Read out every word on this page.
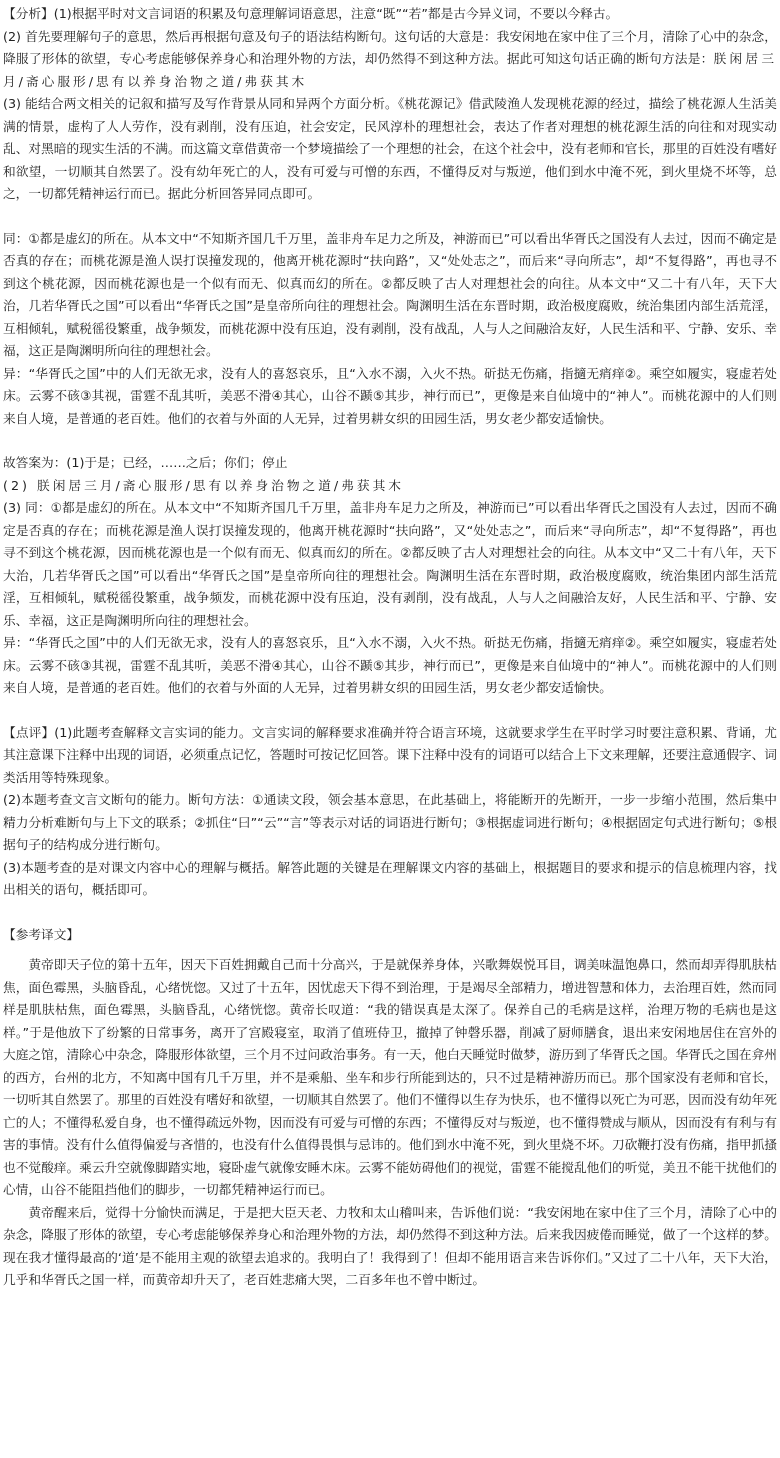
【分析】(1)根据平时对文言词语的积累及句意理解词语意思，注意“既”“若”都是古今异义词，不要以今释古。

(2) 首先要理解句子的意思，然后再根据句意及句子的语法结构断句。这句话的大意是：我安闲地在家中住了三个月，清除了心中的杂念，降服了形体的欲望，专心考虑能够保养身心和治理外物的方法，却仍然得不到这种方法。据此可知这句话正确的断句方法是：朕闲居三月/斋心服形/思有以养身治物之道/弗获其木

(3) 能结合两文相关的记叙和描写及写作背景从同和异两个方面分析。《桃花源记》借武陵渔人发现桃花源的经过，描绘了桃花源人生活美满的情景，虚构了人人劳作，没有剥削，没有压迫，社会安定，民风淳朴的理想社会，表达了作者对理想的桃花源生活的向往和对现实动乱、对黑暗的现实生活的不满。而这篇文章借黄帝一个梦境描绘了一个理想的社会，在这个社会中，没有老师和官长，那里的百姓没有嗜好和欲望，一切顺其自然罢了。没有幼年死亡的人，没有可爱与可憎的东西，不懂得反对与叛逆，他们到水中淹不死，到火里烧不坏等，总之，一切都凭精神运行而已。据此分析回答异同点即可。

同：①都是虚幻的所在。从本文中“不知斯齐国几千万里，盖非舟车足力之所及，神游而已”可以看出华胥氏之国没有人去过，因而不确定是否真的存在；而桃花源是渔人误打误撞发现的，他离开桃花源时“扶向路”，又“处处志之”，而后来“寻向所志”，却“不复得路”，再也寻不到这个桃花源，因而桃花源也是一个似有而无、似真而幻的所在。②都反映了古人对理想社会的向往。从本文中“又二十有八年，天下大治，几若华胥氏之国”可以看出“华胥氏之国”是皇帝所向往的理想社会。陶渊明生活在东晋时期，政治极度腐败，统治集团内部生活荒淫，互相倾轧，赋税徭役繁重，战争频发，而桃花源中没有压迫，没有剥削，没有战乱，人与人之间融洽友好，人民生活和平、宁静、安乐、幸福，这正是陶渊明所向往的理想社会。

异：“华胥氏之国”中的人们无欲无求，没有人的喜怒哀乐，且“入水不溺，入火不热。斫挞无伤痛，指擿无痟痒②。乘空如履实，寝虚若处床。云雾不硋③其视，雷霆不乱其听，美恶不滑④其心，山谷不踬⑤其步，神行而已”，更像是来自仙境中的“神人”。而桃花源中的人们则来自人境，是普通的老百姓。他们的衣着与外面的人无异，过着男耕女织的田园生活，男女老少都安适愉快。

故答案为：(1)于是；已经，……之后；你们；停止

(2) 朕闲居三月/斋心服形/思有以养身治物之道/弗获其木

(3) 同：①都是虚幻的所在。从本文中“不知斯齐国几千万里，盖非舟车足力之所及，神游而已”可以看出华胥氏之国没有人去过，因而不确定是否真的存在；而桃花源是渔人误打误撞发现的，他离开桃花源时“扶向路”，又“处处志之”，而后来“寻向所志”，却“不复得路”，再也寻不到这个桃花源，因而桃花源也是一个似有而无、似真而幻的所在。②都反映了古人对理想社会的向往。从本文中“又二十有八年，天下大治，几若华胥氏之国”可以看出“华胥氏之国”是皇帝所向往的理想社会。陶渊明生活在东晋时期，政治极度腐败，统治集团内部生活荒淫，互相倾轧，赋税徭役繁重，战争频发，而桃花源中没有压迫，没有剥削，没有战乱，人与人之间融洽友好，人民生活和平、宁静、安乐、幸福，这正是陶渊明所向往的理想社会。

异：“华胥氏之国”中的人们无欲无求，没有人的喜怒哀乐，且“入水不溺，入火不热。斫挞无伤痛，指擿无痟痒②。乘空如履实，寝虚若处床。云雾不硋③其视，雷霆不乱其听，美恶不滑④其心，山谷不踬⑤其步，神行而已”，更像是来自仙境中的“神人”。而桃花源中的人们则来自人境，是普通的老百姓。他们的衣着与外面的人无异，过着男耕女织的田园生活，男女老少都安适愉快。

【点评】(1)此题考查解释文言实词的能力。文言实词的解释要求准确并符合语言环境，这就要求学生在平时学习时要注意积累、背诵，尤其注意课下注释中出现的词语，必须重点记忆，答题时可按记忆回答。课下注释中没有的词语可以结合上下文来理解，还要注意通假字、词类活用等特殊现象。

(2)本题考查文言文断句的能力。断句方法：①通读文段，领会基本意思，在此基础上，将能断开的先断开，一步一步缩小范围，然后集中精力分析难断句与上下文的联系；②抓住“曰”“云”“言”等表示对话的词语进行断句；③根据虚词进行断句；④根据固定句式进行断句；⑤根据句子的结构成分进行断句。

(3)本题考查的是对课文内容中心的理解与概括。解答此题的关键是在理解课文内容的基础上，根据题目的要求和提示的信息梳理内容，找出相关的语句，概括即可。

【参考译文】

黄帝即天子位的第十五年，因天下百姓拥戴自己而十分高兴，于是就保养身体，兴歌舞娱悦耳目，调美味温饱鼻口，然而却弄得肌肤枯焦，面色霉黑，头脑昏乱，心绪恍惚。又过了十五年，因忧虑天下得不到治理，于是竭尽全部精力，增进智慧和体力，去治理百姓，然而同样是肌肤枯焦，面色霉黑，头脑昏乱，心绪恍惚。黄帝长叹道：“我的错误真是太深了。保养自己的毛病是这样，治理万物的毛病也是这样。”于是他放下了纷繁的日常事务，离开了宫殿寝室，取消了值班侍卫，撤掉了钟磬乐器，削减了厨师膳食，退出来安闲地居住在宫外的大庭之馆，清除心中杂念，降服形体欲望，三个月不过问政治事务。有一天，他白天睡觉时做梦，游历到了华胥氏之国。华胥氏之国在弇州的西方，台州的北方，不知离中国有几千万里，并不是乘船、坐车和步行所能到达的，只不过是精神游历而已。那个国家没有老师和官长，一切听其自然罢了。那里的百姓没有嗜好和欲望，一切顺其自然罢了。他们不懂得以生存为快乐，也不懂得以死亡为可恶，因而没有幼年死亡的人；不懂得私爱自身，也不懂得疏远外物，因而没有可爱与可憎的东西；不懂得反对与叛逆，也不懂得赞成与顺从，因而没有有利与有害的事情。没有什么值得偏爱与吝惜的，也没有什么值得畏惧与忌讳的。他们到水中淹不死，到火里烧不坏。刀砍鞭打没有伤痛，指甲抓搔也不觉酸痒。乘云升空就像脚踏实地，寝卧虚气就像安睡木床。云雾不能妨碍他们的视觉，雷霆不能搅乱他们的听觉，美丑不能干扰他们的心情，山谷不能阻挡他们的脚步，一切都凭精神运行而已。

黄帝醒来后，觉得十分愉快而满足，于是把大臣天老、力牧和太山稽叫来，告诉他们说：“我安闲地在家中住了三个月，清除了心中的杂念，降服了形体的欲望，专心考虑能够保养身心和治理外物的方法，却仍然得不到这种方法。后来我因疲倦而睡觉，做了一个这样的梦。现在我才懂得最高的‘道’是不能用主观的欲望去追求的。我明白了！我得到了！但却不能用语言来告诉你们。”又过了二十八年，天下大治，几乎和华胥氏之国一样，而黄帝却升天了，老百姓悲痛大哭，二百多年也不曾中断过。
